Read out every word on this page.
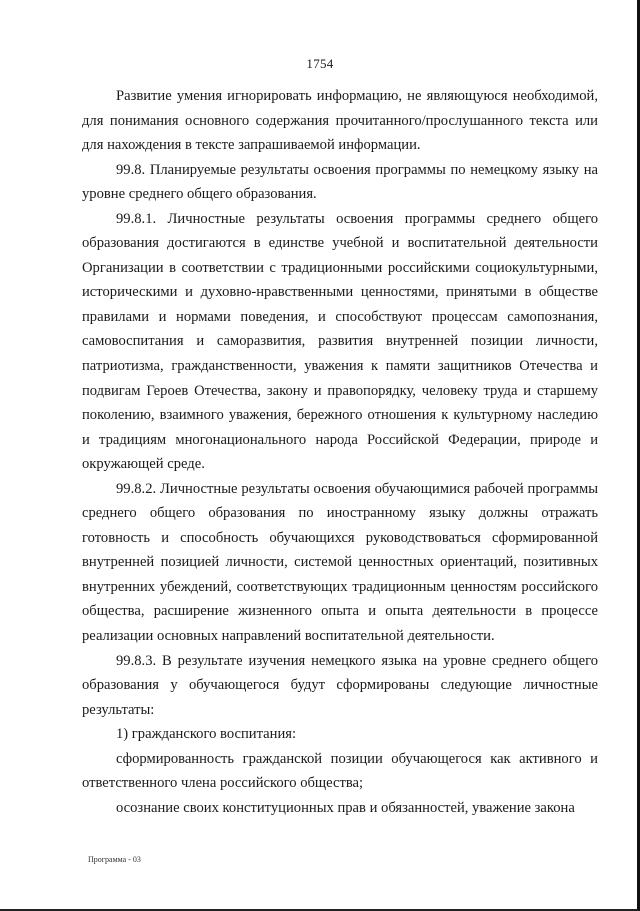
1754

Развитие умения игнорировать информацию, не являющуюся необходимой, для понимания основного содержания прочитанного/прослушанного текста или для нахождения в тексте запрашиваемой информации.

99.8. Планируемые результаты освоения программы по немецкому языку на уровне среднего общего образования.

99.8.1. Личностные результаты освоения программы среднего общего образования достигаются в единстве учебной и воспитательной деятельности Организации в соответствии с традиционными российскими социокультурными, историческими и духовно-нравственными ценностями, принятыми в обществе правилами и нормами поведения, и способствуют процессам самопознания, самовоспитания и саморазвития, развития внутренней позиции личности, патриотизма, гражданственности, уважения к памяти защитников Отечества и подвигам Героев Отечества, закону и правопорядку, человеку труда и старшему поколению, взаимного уважения, бережного отношения к культурному наследию и традициям многонационального народа Российской Федерации, природе и окружающей среде.

99.8.2. Личностные результаты освоения обучающимися рабочей программы среднего общего образования по иностранному языку должны отражать готовность и способность обучающихся руководствоваться сформированной внутренней позицией личности, системой ценностных ориентаций, позитивных внутренних убеждений, соответствующих традиционным ценностям российского общества, расширение жизненного опыта и опыта деятельности в процессе реализации основных направлений воспитательной деятельности.

99.8.3. В результате изучения немецкого языка на уровне среднего общего образования у обучающегося будут сформированы следующие личностные результаты:

1) гражданского воспитания:

сформированность гражданской позиции обучающегося как активного и ответственного члена российского общества;

осознание своих конституционных прав и обязанностей, уважение закона

Программа - 03
